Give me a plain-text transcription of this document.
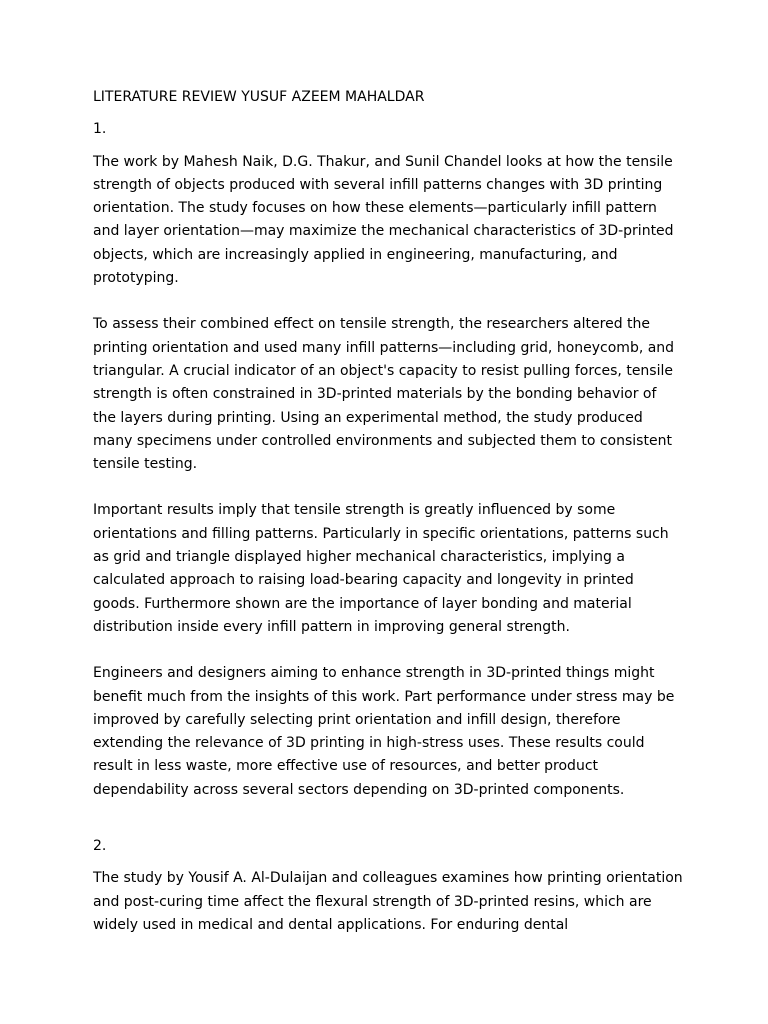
LITERATURE REVIEW YUSUF AZEEM MAHALDAR

1.

The work by Mahesh Naik, D.G. Thakur, and Sunil Chandel looks at how the tensile strength of objects produced with several infill patterns changes with 3D printing orientation. The study focuses on how these elements—particularly infill pattern and layer orientation—may maximize the mechanical characteristics of 3D-printed objects, which are increasingly applied in engineering, manufacturing, and prototyping.

To assess their combined effect on tensile strength, the researchers altered the printing orientation and used many infill patterns—including grid, honeycomb, and triangular. A crucial indicator of an object's capacity to resist pulling forces, tensile strength is often constrained in 3D-printed materials by the bonding behavior of the layers during printing. Using an experimental method, the study produced many specimens under controlled environments and subjected them to consistent tensile testing.

Important results imply that tensile strength is greatly influenced by some orientations and filling patterns. Particularly in specific orientations, patterns such as grid and triangle displayed higher mechanical characteristics, implying a calculated approach to raising load-bearing capacity and longevity in printed goods. Furthermore shown are the importance of layer bonding and material distribution inside every infill pattern in improving general strength.

Engineers and designers aiming to enhance strength in 3D-printed things might benefit much from the insights of this work. Part performance under stress may be improved by carefully selecting print orientation and infill design, therefore extending the relevance of 3D printing in high-stress uses. These results could result in less waste, more effective use of resources, and better product dependability across several sectors depending on 3D-printed components.

2.

The study by Yousif A. Al-Dulaijan and colleagues examines how printing orientation and post-curing time affect the flexural strength of 3D-printed resins, which are widely used in medical and dental applications. For enduring dental
